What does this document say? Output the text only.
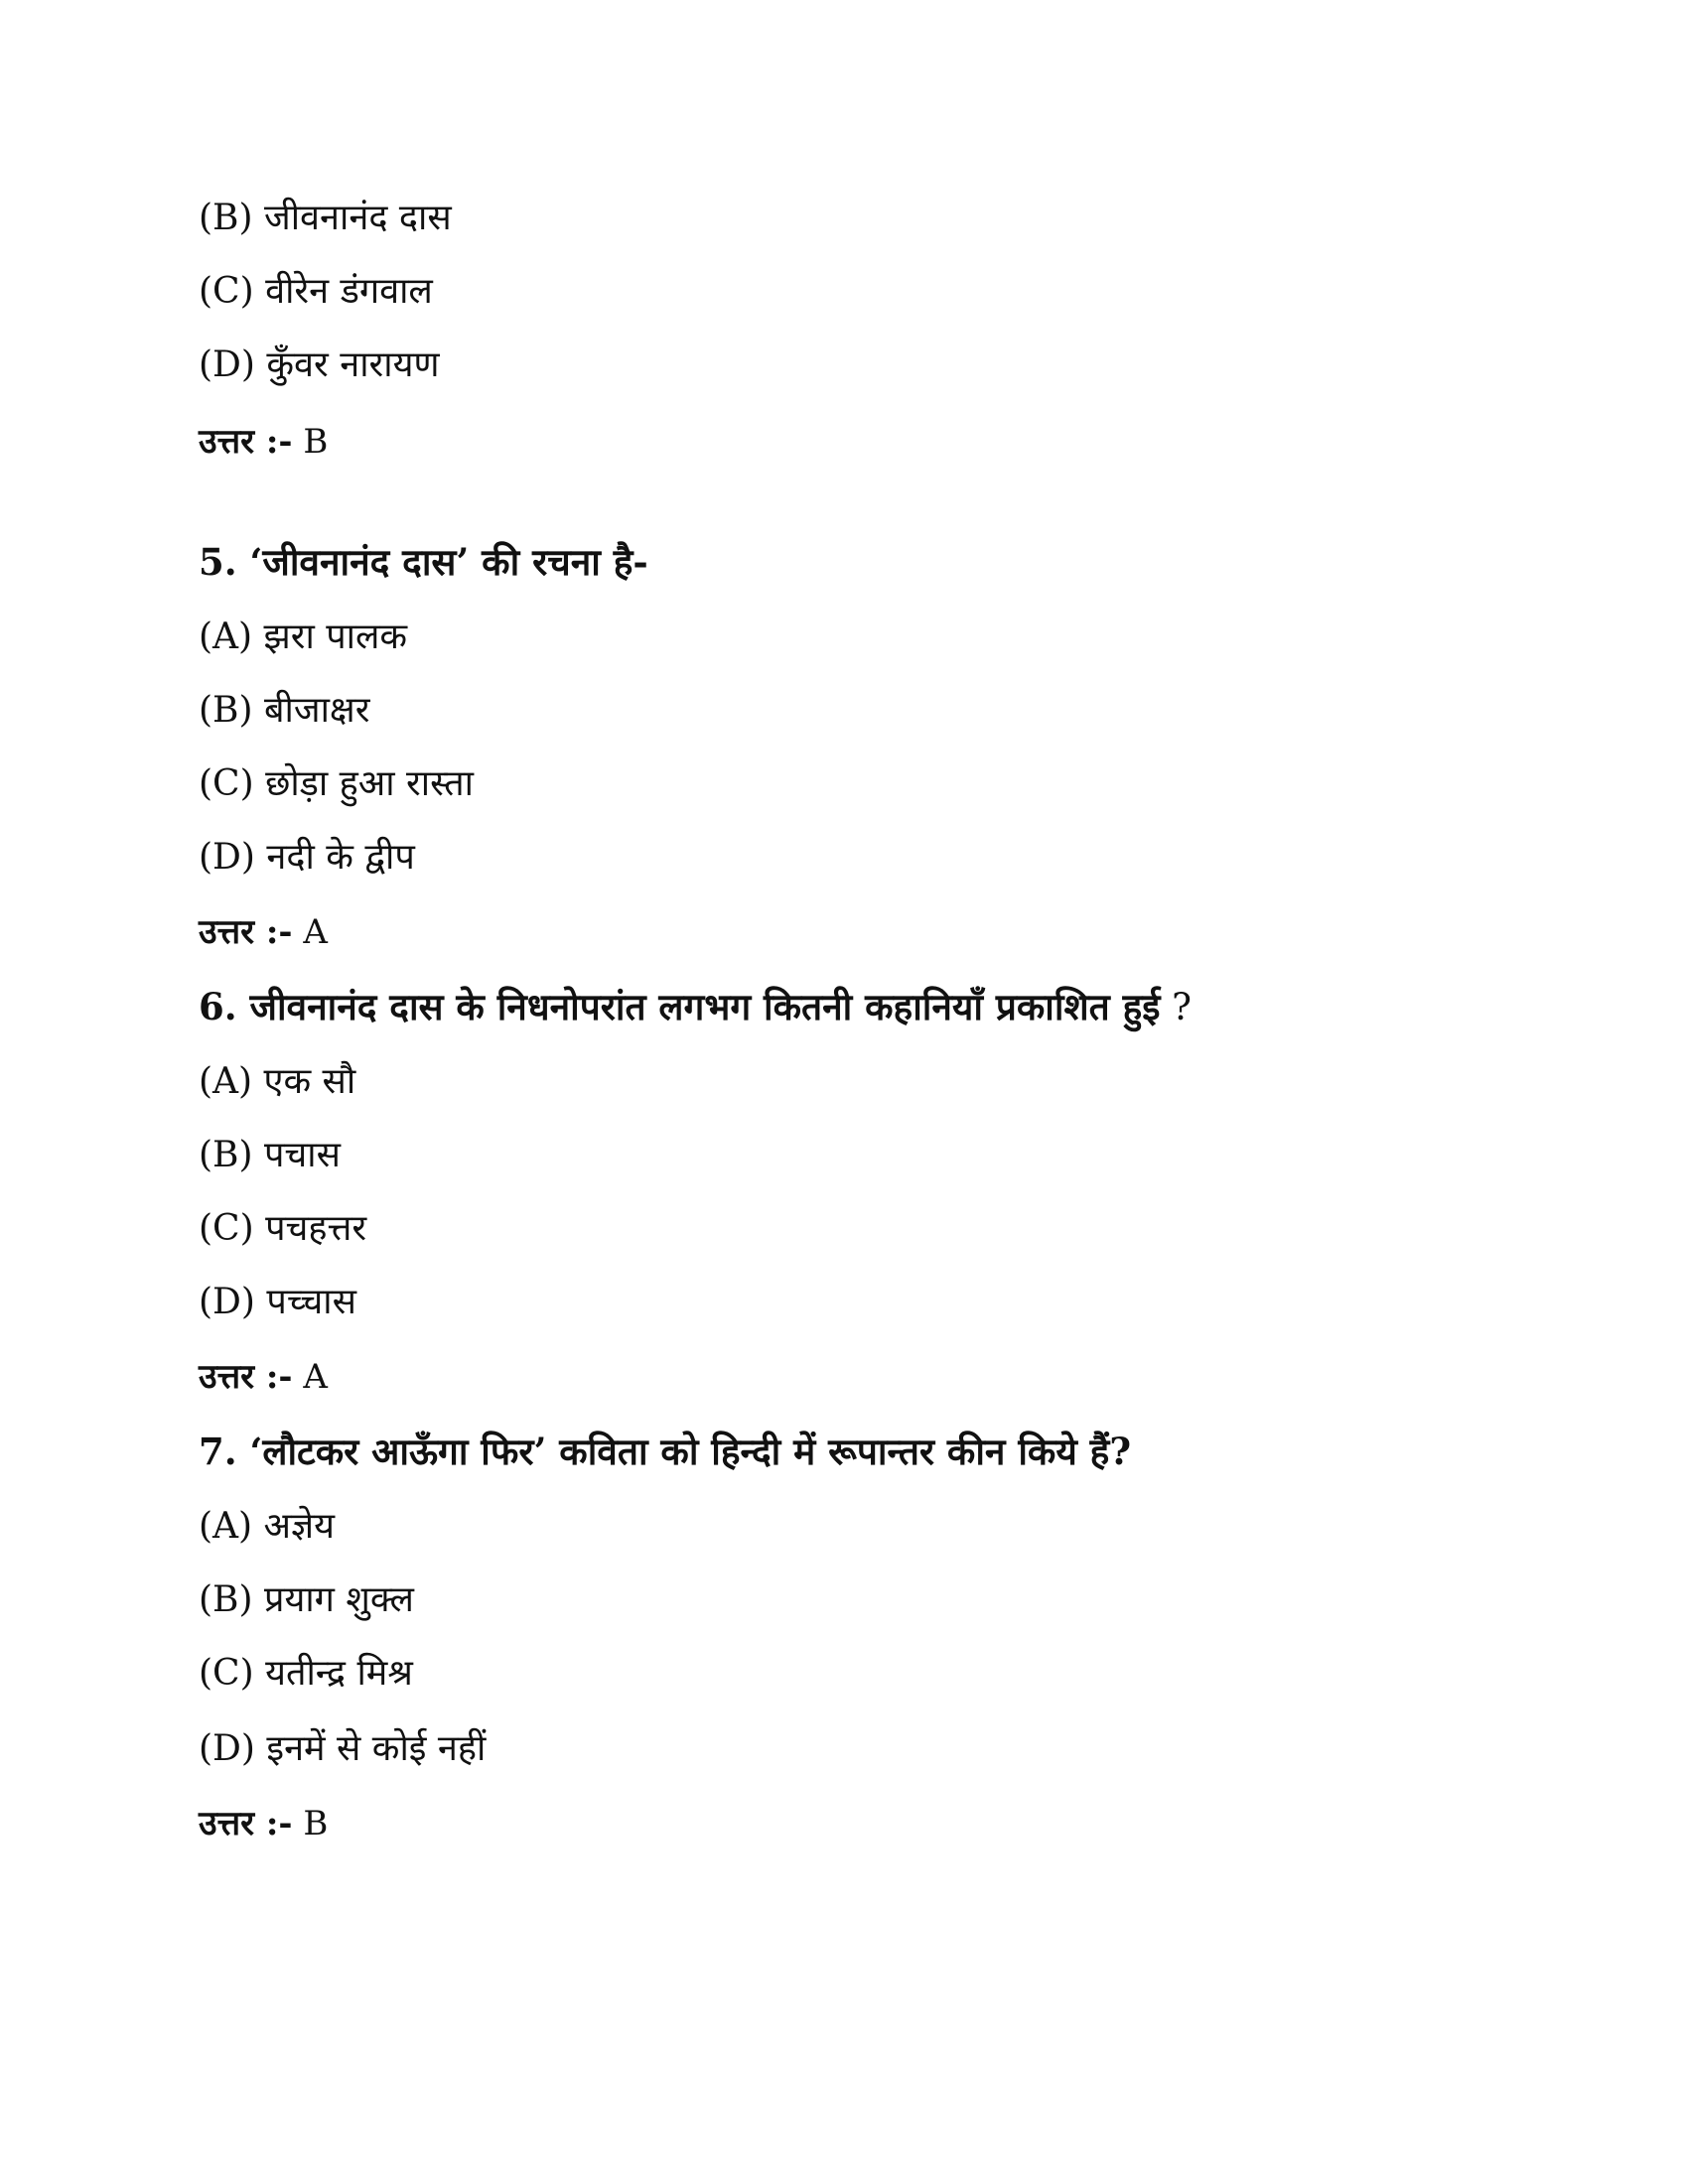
(B) जीवनानंद दास
(C) वीरेन डंगवाल
(D) कुँवर नारायण
उत्तर :- B
5. ‘जीवनानंद दास’ की रचना है-
(A) झरा पालक
(B) बीजाक्षर
(C) छोड़ा हुआ रास्ता
(D) नदी के द्वीप
उत्तर :- A
6. जीवनानंद दास के निधनोपरांत लगभग कितनी कहानियाँ प्रकाशित हुई ?
(A) एक सौ
(B) पचास
(C) पचहत्तर
(D) पच्चास
उत्तर :- A
7. ‘लौटकर आऊँगा फिर’ कविता को हिन्दी में रूपान्तर कीन किये हैं?
(A) अज्ञेय
(B) प्रयाग शुक्ल
(C) यतीन्द्र मिश्र
(D) इनमें से कोई नहीं
उत्तर :- B
